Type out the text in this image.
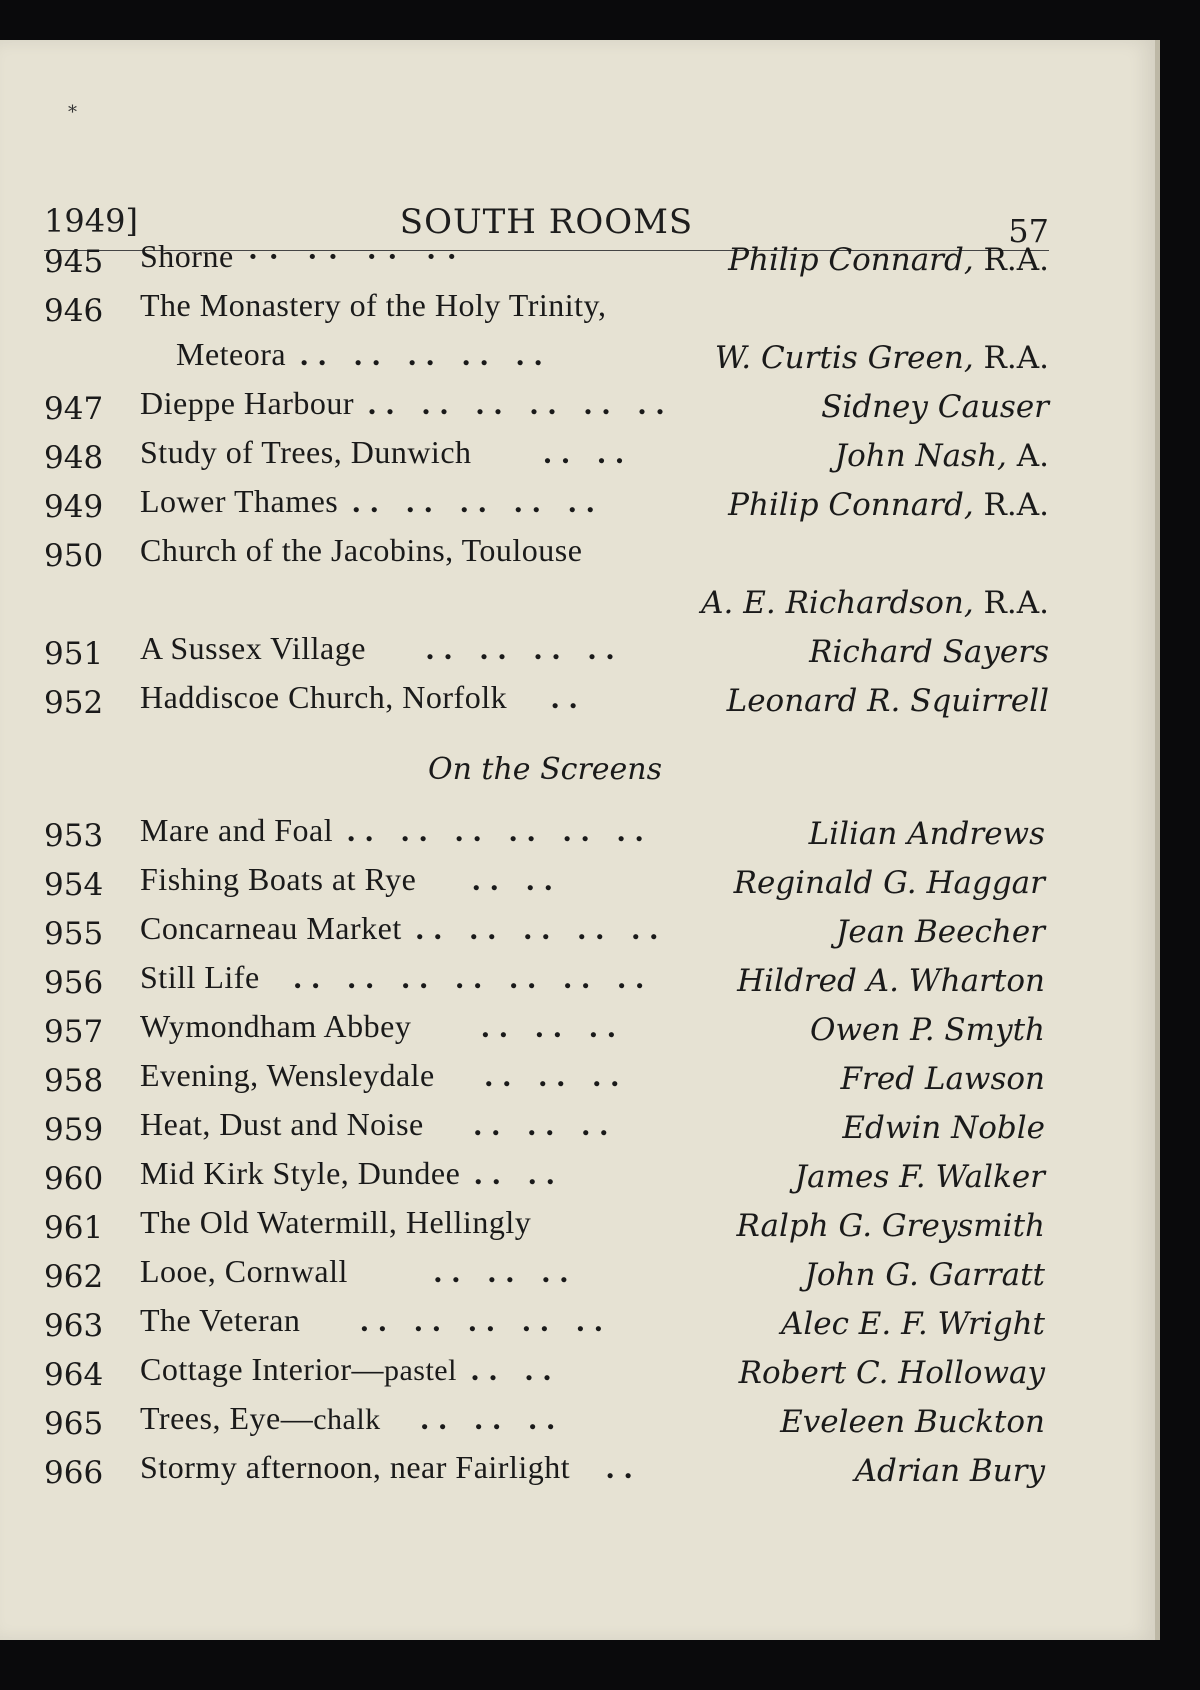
*
1949]	SOUTH ROOMS	57
945 Shorne ·· ·· ·· ··	Philip Connard, R.A.
946 The Monastery of the Holy Trinity,
Meteora .. .. .. .. ..	W. Curtis Green, R.A.
947 Dieppe Harbour .. .. .. .. .. ..	Sidney Causer
948 Study of Trees, Dunwich .. ..	John Nash, A.
949 Lower Thames .. .. .. .. ..	Philip Connard, R.A.
950 Church of the Jacobins, Toulouse
A. E. Richardson, R.A.
951 A Sussex Village .. .. .. ..	Richard Sayers
952 Haddiscoe Church, Norfolk ..	Leonard R. Squirrell
On the Screens
953 Mare and Foal .. .. .. .. .. ..	Lilian Andrews
954 Fishing Boats at Rye .. ..	Reginald G. Haggar
955 Concarneau Market .. .. .. .. ..	Jean Beecher
956 Still Life .. .. .. .. .. .. ..	Hildred A. Wharton
957 Wymondham Abbey .. .. ..	Owen P. Smyth
958 Evening, Wensleydale .. .. ..	Fred Lawson
959 Heat, Dust and Noise .. .. ..	Edwin Noble
960 Mid Kirk Style, Dundee .. ..	James F. Walker
961 The Old Watermill, Hellingly	Ralph G. Greysmith
962 Looe, Cornwall	.. .. ..	John G. Garratt
963 The Veteran .. .. .. .. ..	Alec E. F. Wright
964 Cottage Interior—pastel .. ..	Robert C. Holloway
965 Trees, Eye—chalk .. .. ..	Eveleen Buckton
966 Stormy afternoon, near Fairlight ..	Adrian Bury
